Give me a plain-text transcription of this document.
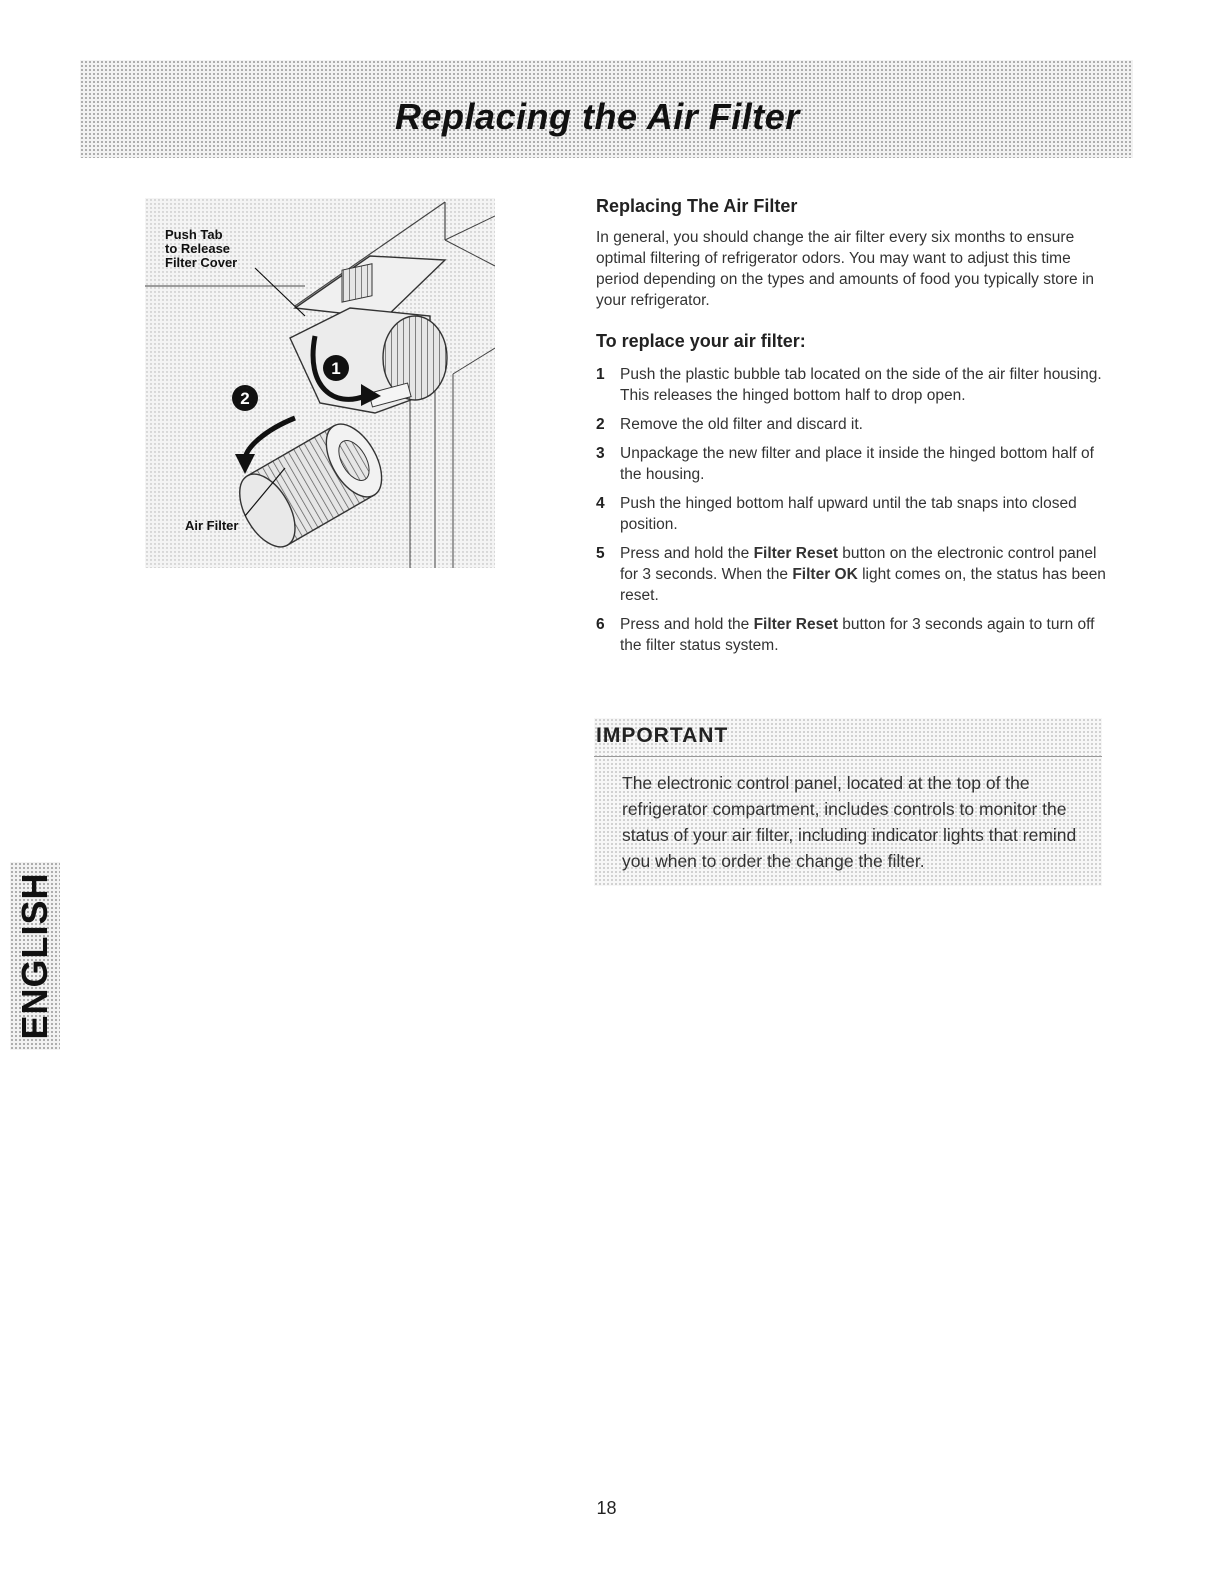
Replacing the Air Filter
1
2
Push Tab
to Release
Filter Cover
Air Filter
Replacing The Air Filter

In general, you should change the air filter every six months to ensure optimal filtering of refrigerator odors. You may want to adjust this time period depending on the types and amounts of food you typically store in your refrigerator.

To replace your air filter:
1 Push the plastic bubble tab located on the side of the air filter housing. This releases the hinged bottom half to drop open.
2 Remove the old filter and discard it.
3 Unpackage the new filter and place it inside the hinged bottom half of the housing.
4 Push the hinged bottom half upward until the tab snaps into closed position.
5 Press and hold the Filter Reset button on the electronic control panel for 3 seconds. When the Filter OK light comes on, the status has been reset.
6 Press and hold the Filter Reset button for 3 seconds again to turn off the filter status system.
IMPORTANT
The electronic control panel, located at the top of the refrigerator compartment, includes controls to monitor the status of your air filter, including indicator lights that remind you when to order the change the filter.
ENGLISH
18
